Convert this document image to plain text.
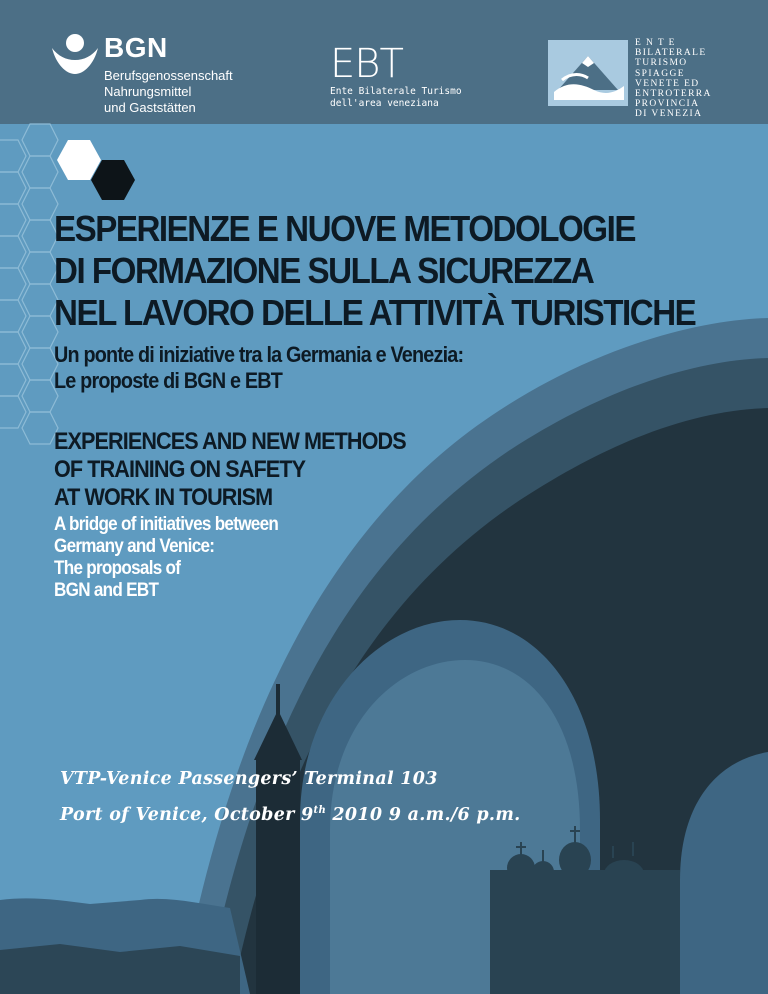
BGN
Berufsgenossenschaft
Nahrungsmittel
und Gaststätten
EBT
Ente Bilaterale Turismo
dell'area veneziana
E N T E
BILATERALE
TURISMO
SPIAGGE
VENETE ED
ENTROTERRA
PROVINCIA
DI VENEZIA
ESPERIENZE E NUOVE METODOLOGIE
DI FORMAZIONE SULLA SICUREZZA
NEL LAVORO DELLE ATTIVITÀ TURISTICHE
Un ponte di iniziative tra la Germania e Venezia:
Le proposte di BGN e EBT
EXPERIENCES AND NEW METHODS
OF TRAINING ON SAFETY
AT WORK IN TOURISM
A bridge of initiatives between
Germany and Venice:
The proposals of
BGN and EBT
VTP-Venice Passengers’ Terminal 103
Port of Venice, October 9th 2010 9 a.m./6 p.m.
